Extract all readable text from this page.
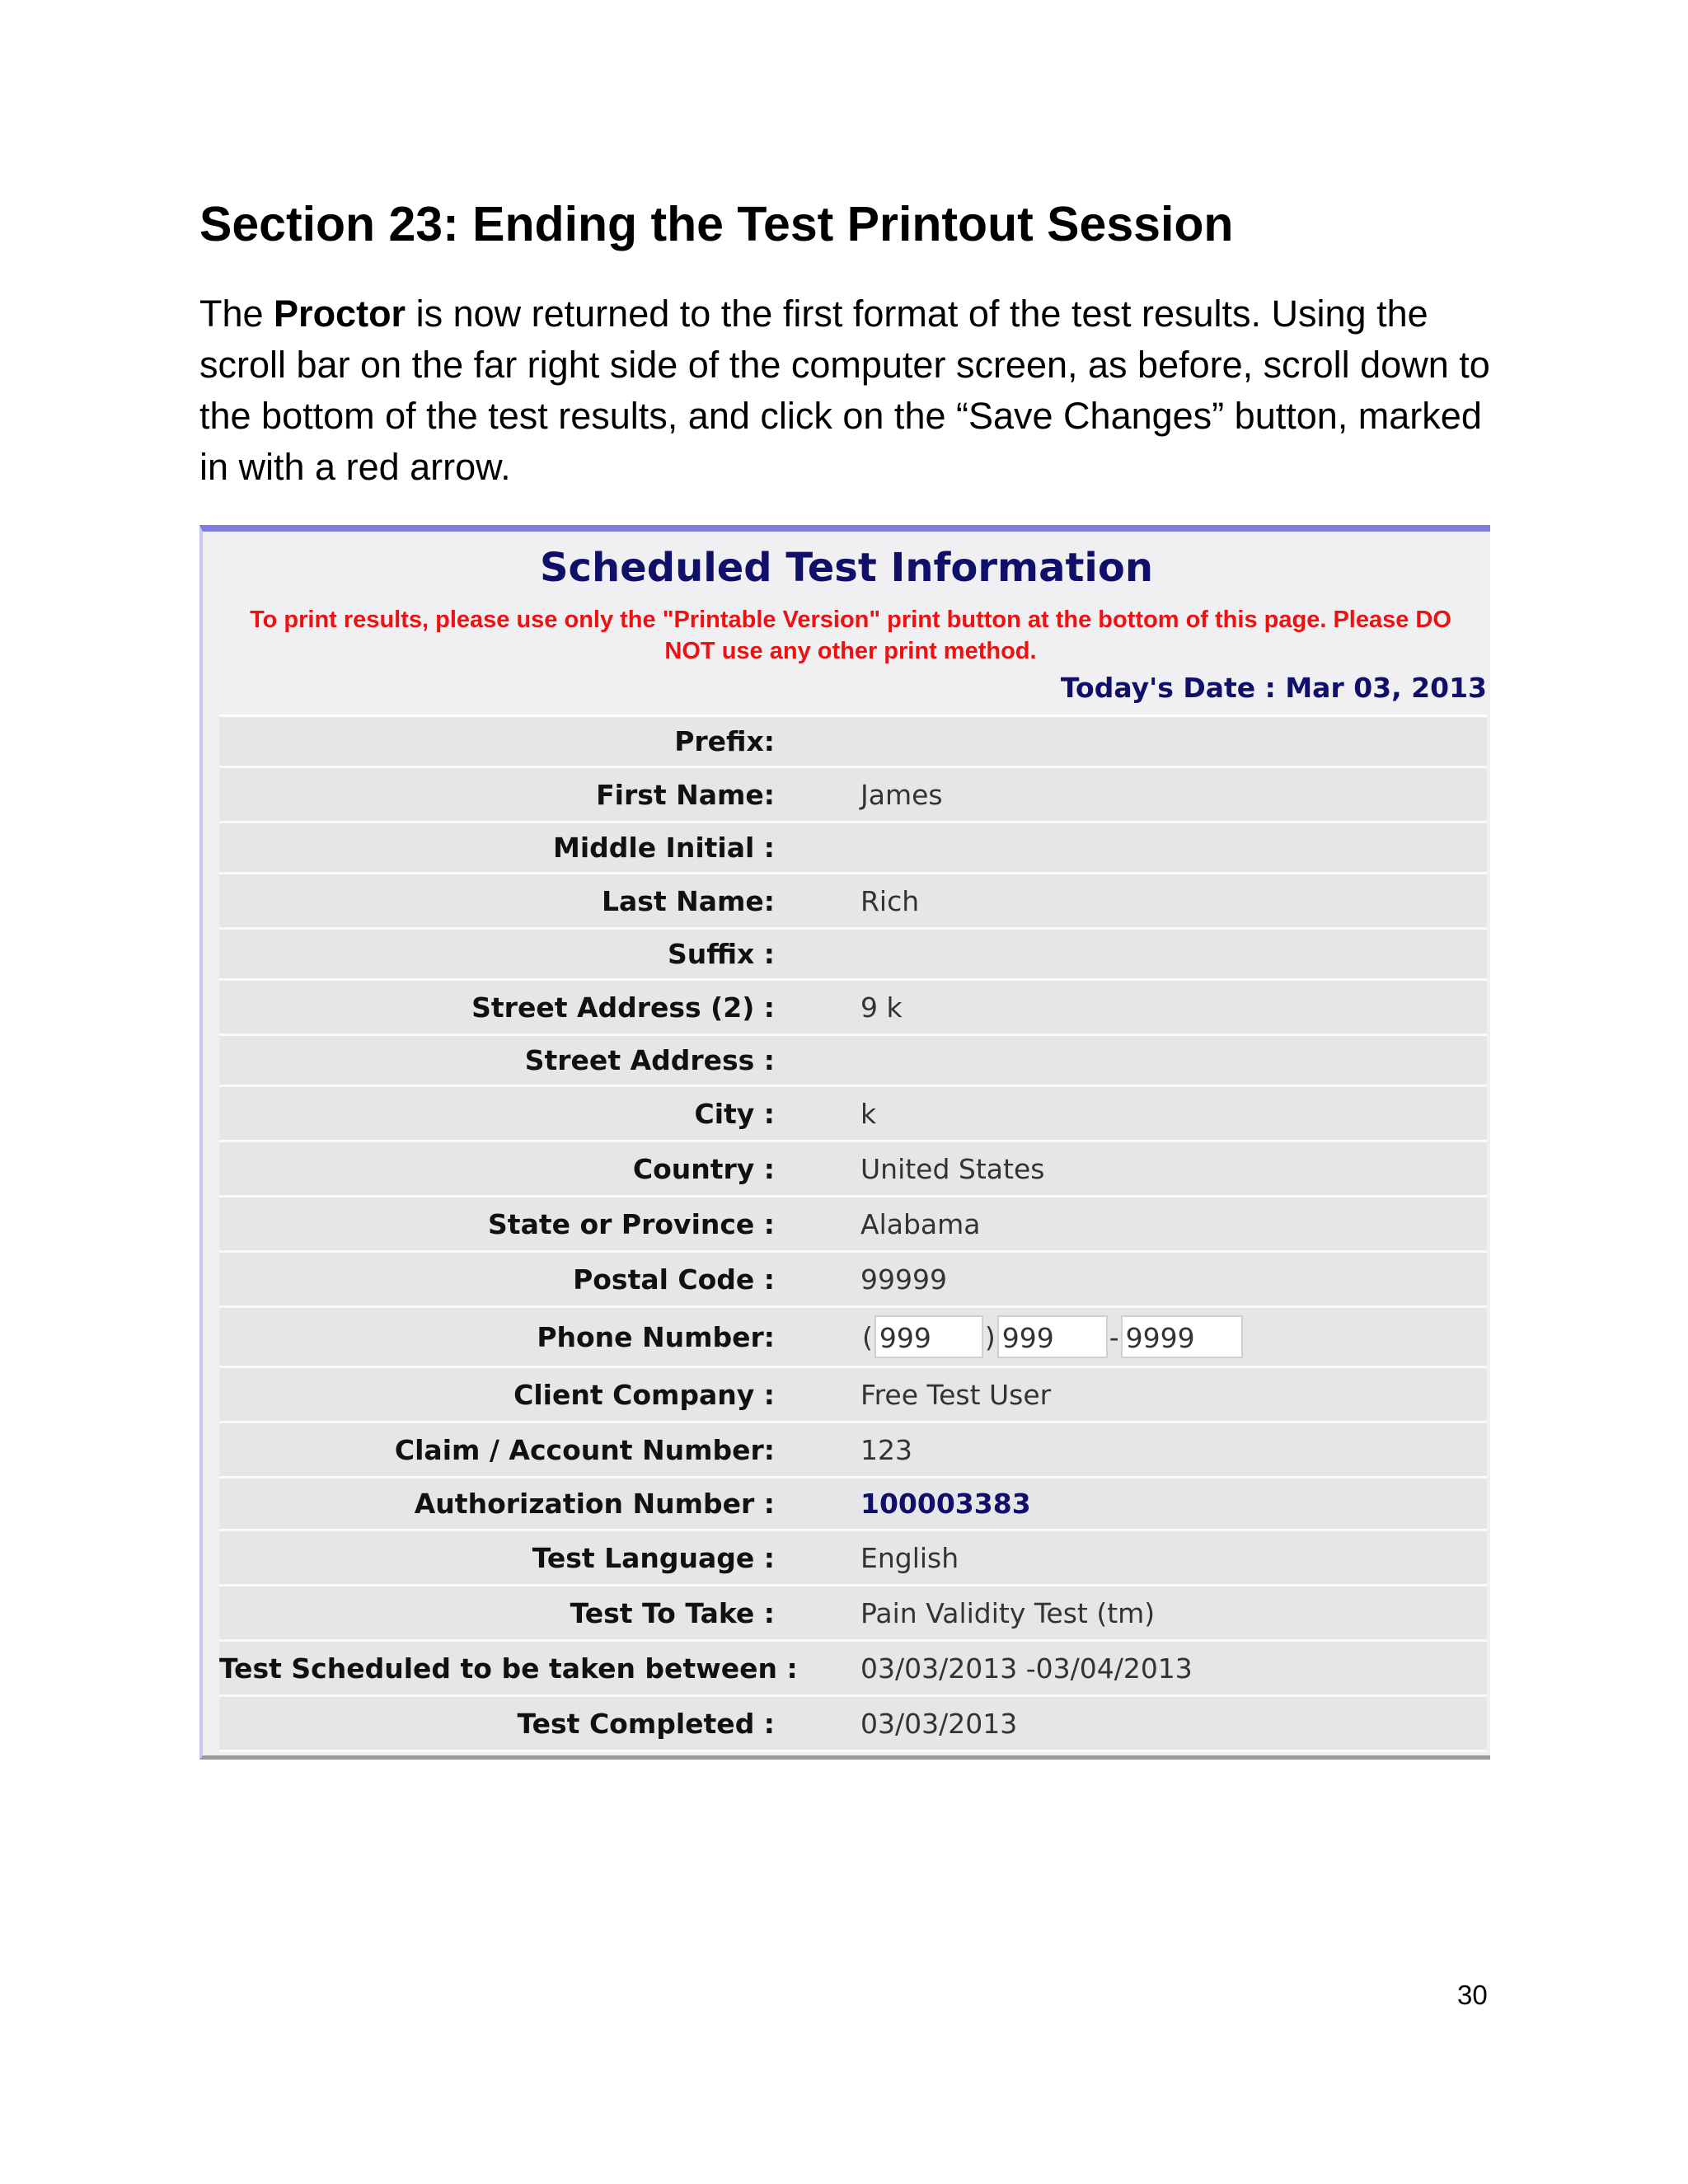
Section 23: Ending the Test Printout Session

The Proctor is now returned to the first format of the test results. Using the scroll bar on the far right side of the computer screen, as before, scroll down to the bottom of the test results, and click on the “Save Changes” button, marked in with a red arrow.

Scheduled Test Information
To print results, please use only the "Printable Version" print button at the bottom of this page. Please DO NOT use any other print method.
Today's Date : Mar 03, 2013
Prefix:
First Name:	James
Middle Initial :
Last Name:	Rich
Suffix :
Street Address (2) :	9 k
Street Address :
City :	k
Country :	United States
State or Province :	Alabama
Postal Code :	99999
Phone Number:	( 999	) 999	- 9999
Client Company :	Free Test User
Claim / Account Number:	123
Authorization Number :	100003383
Test Language :	English
Test To Take :	Pain Validity Test (tm)
Test Scheduled to be taken between :	03/03/2013 -03/04/2013
Test Completed :	03/03/2013
30
